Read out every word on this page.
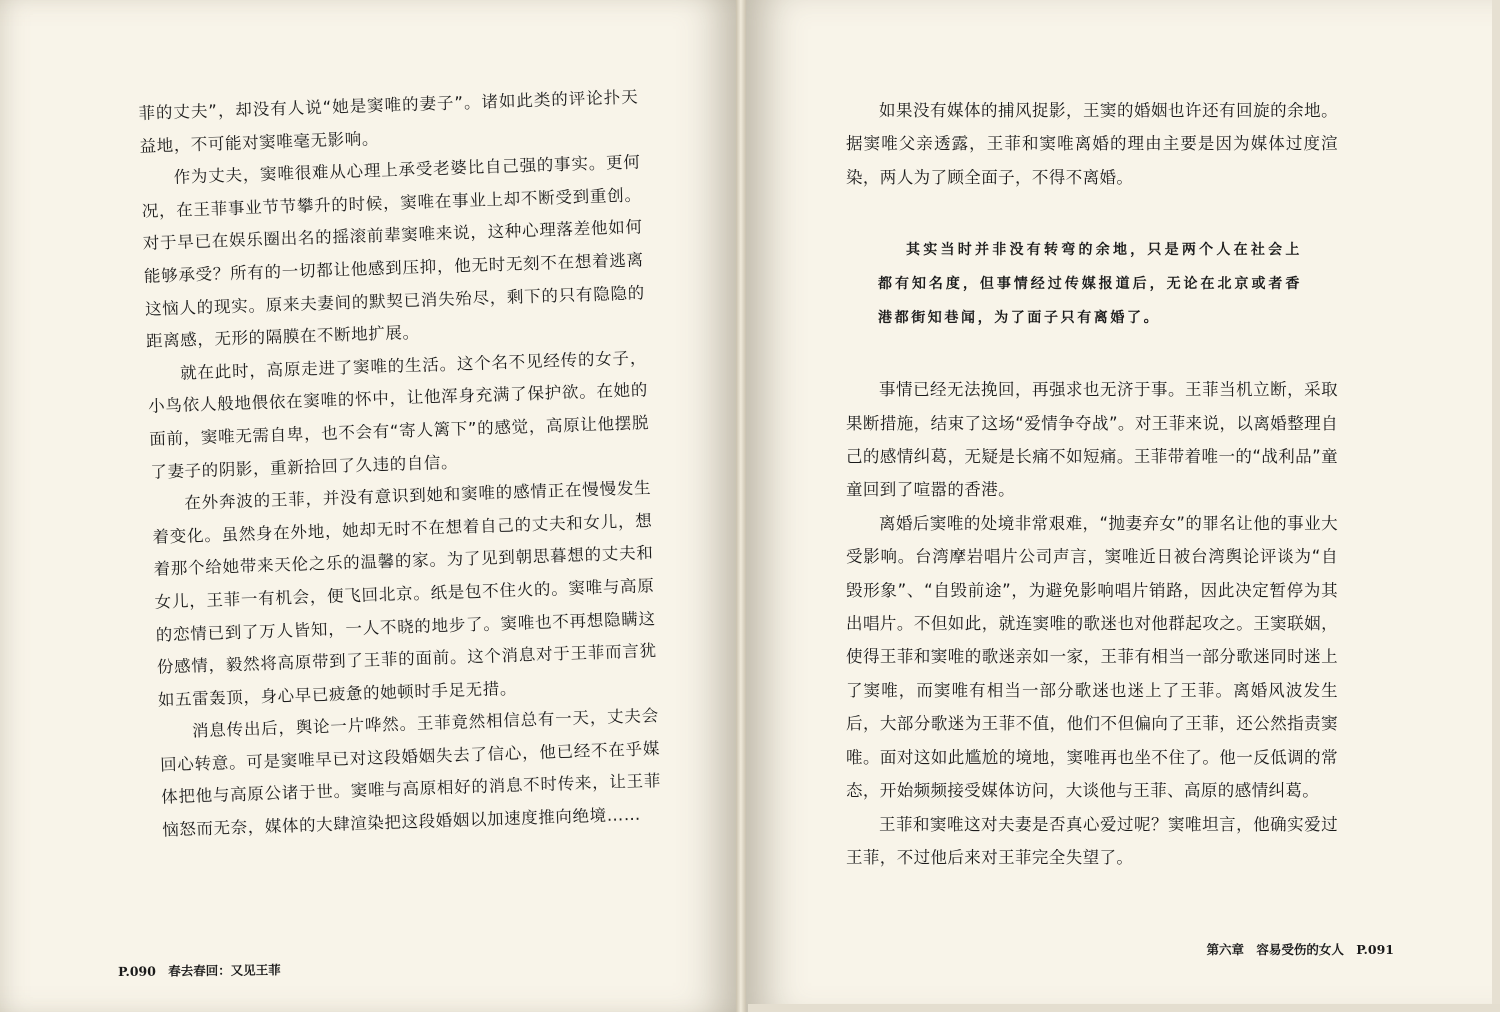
菲的丈夫”，却没有人说“她是窦唯的妻子”。诸如此类的评论扑天益地，不可能对窦唯毫无影响。

作为丈夫，窦唯很难从心理上承受老婆比自己强的事实。更何况，在王菲事业节节攀升的时候，窦唯在事业上却不断受到重创。对于早已在娱乐圈出名的摇滚前辈窦唯来说，这种心理落差他如何能够承受？所有的一切都让他感到压抑，他无时无刻不在想着逃离这恼人的现实。原来夫妻间的默契已消失殆尽，剩下的只有隐隐的距离感，无形的隔膜在不断地扩展。

就在此时，高原走进了窦唯的生活。这个名不见经传的女子，小鸟依人般地偎依在窦唯的怀中，让他浑身充满了保护欲。在她的面前，窦唯无需自卑，也不会有“寄人篱下”的感觉，高原让他摆脱了妻子的阴影，重新拾回了久违的自信。

在外奔波的王菲，并没有意识到她和窦唯的感情正在慢慢发生着变化。虽然身在外地，她却无时不在想着自己的丈夫和女儿，想着那个给她带来天伦之乐的温馨的家。为了见到朝思暮想的丈夫和女儿，王菲一有机会，便飞回北京。纸是包不住火的。窦唯与高原的恋情已到了万人皆知，一人不晓的地步了。窦唯也不再想隐瞒这份感情，毅然将高原带到了王菲的面前。这个消息对于王菲而言犹如五雷轰顶，身心早已疲惫的她顿时手足无措。

消息传出后，舆论一片哗然。王菲竟然相信总有一天，丈夫会回心转意。可是窦唯早已对这段婚姻失去了信心，他已经不在乎媒体把他与高原公诸于世。窦唯与高原相好的消息不时传来，让王菲恼怒而无奈，媒体的大肆渲染把这段婚姻以加速度推向绝境……

P.090 春去春回：又见王菲

如果没有媒体的捕风捉影，王窦的婚姻也许还有回旋的余地。据窦唯父亲透露，王菲和窦唯离婚的理由主要是因为媒体过度渲染，两人为了顾全面子，不得不离婚。

其实当时并非没有转弯的余地，只是两个人在社会上都有知名度，但事情经过传媒报道后，无论在北京或者香港都街知巷闻，为了面子只有离婚了。

事情已经无法挽回，再强求也无济于事。王菲当机立断，采取果断措施，结束了这场“爱情争夺战”。对王菲来说，以离婚整理自己的感情纠葛，无疑是长痛不如短痛。王菲带着唯一的“战利品”童童回到了喧嚣的香港。

离婚后窦唯的处境非常艰难，“抛妻弃女”的罪名让他的事业大受影响。台湾摩岩唱片公司声言，窦唯近日被台湾舆论评谈为“自毁形象”、“自毁前途”，为避免影响唱片销路，因此决定暂停为其出唱片。不但如此，就连窦唯的歌迷也对他群起攻之。王窦联姻，使得王菲和窦唯的歌迷亲如一家，王菲有相当一部分歌迷同时迷上了窦唯，而窦唯有相当一部分歌迷也迷上了王菲。离婚风波发生后，大部分歌迷为王菲不值，他们不但偏向了王菲，还公然指责窦唯。面对这如此尴尬的境地，窦唯再也坐不住了。他一反低调的常态，开始频频接受媒体访问，大谈他与王菲、高原的感情纠葛。

王菲和窦唯这对夫妻是否真心爱过呢？窦唯坦言，他确实爱过王菲，不过他后来对王菲完全失望了。

第六章 容易受伤的女人 P.091
